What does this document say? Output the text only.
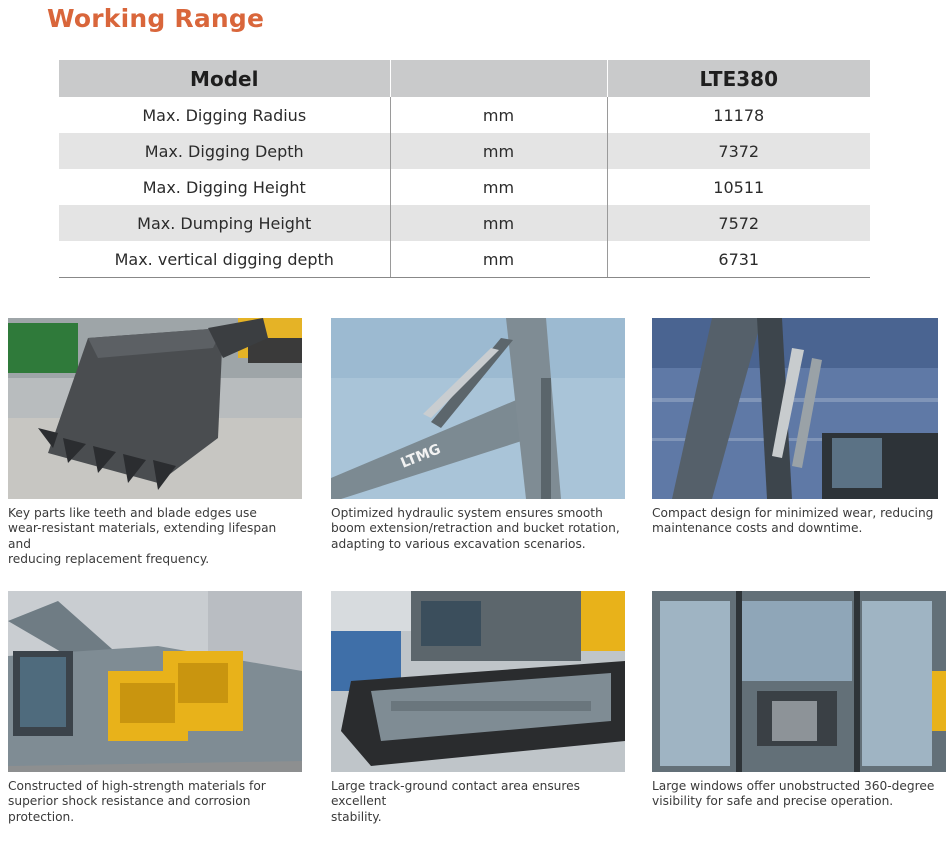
Working Range
Model		LTE380
Max. Digging Radius	mm	11178
Max. Digging Depth	mm	7372
Max. Digging Height	mm	10511
Max. Dumping Height	mm	7572
Max. vertical digging depth	mm	6731

Key parts like teeth and blade edges use
wear-resistant materials, extending lifespan and
reducing replacement frequency.

LTMG

Optimized hydraulic system ensures smooth
boom extension/retraction and bucket rotation,
adapting to various excavation scenarios.

Compact design for minimized wear, reducing
maintenance costs and downtime.

Constructed of high-strength materials for
superior shock resistance and corrosion
protection.

Large track-ground contact area ensures excellent
stability.

Large windows offer unobstructed 360-degree
visibility for safe and precise operation.
